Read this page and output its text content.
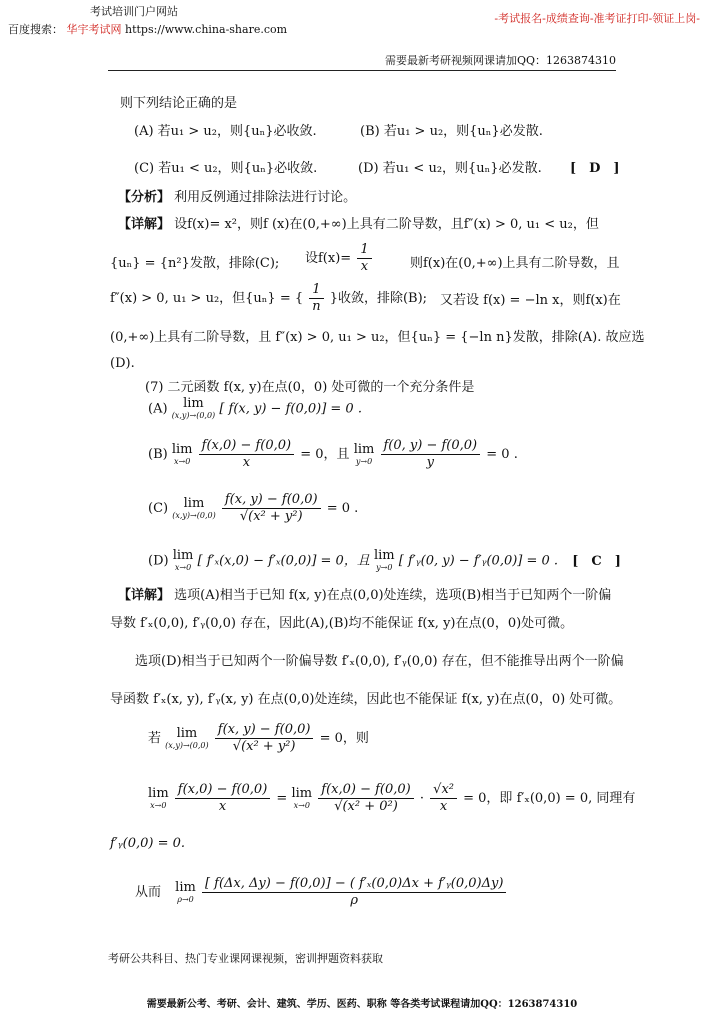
考试培训门户网站
百度搜索： 华宇考试网 https://www.china-share.com
-考试报名-成绩查询-准考证打印-领证上岗-
需要最新考研视频网课请加QQ：1263874310
则下列结论正确的是
(A) 若u₁ > u₂，则{uₙ}必收敛.	(B) 若u₁ > u₂，则{uₙ}必发散.
(C) 若u₁ < u₂，则{uₙ}必收敛.	(D) 若u₁ < u₂，则{uₙ}必发散. [　D　]
【分析】 利用反例通过排除法进行讨论。
【详解】 设f(x)= x²，则f (x)在(0,+∞)上具有二阶导数，且f″(x) > 0, u₁ < u₂，但
{uₙ} = {n²}发散，排除(C); 设$f(x)= \frac{1}{x}$	则f(x)在(0,+∞)上具有二阶导数，且
f″(x) > 0, u₁ > u₂，但{uₙ} = { $\frac{1}{n}$ }收敛，排除(B); 又若设 f(x) = −ln x，则f(x)在
(0,+∞)上具有二阶导数，且 f″(x) > 0, u₁ > u₂，但{uₙ} = {−ln n}发散，排除(A). 故应选
(D).
(7) 二元函数 f(x, y)在点(0，0) 处可微的一个充分条件是
(A) lim
(x,y)→(0,0) [ f(x, y) − f(0,0)] = 0 .
(B) lim
x→0
$\frac{f(x,0) - f(0,0)}{x} = 0$，且 lim
y→0
$\frac{f(0, y) - f(0,0)}{y} = 0$ .
(C) lim
(x,y)→(0,0)
$\frac{f(x, y) - f(0,0)}{\text{√(x² + y²)}} = 0$ .
(D) lim
x→0 [ f′ₓ(x,0) − f′ₓ(0,0)] = 0，且 lim
y→0 [ f′ᵧ(0, y) − f′ᵧ(0,0)] = 0 . [　C　]
【详解】 选项(A)相当于已知 f(x, y)在点(0,0)处连续，选项(B)相当于已知两个一阶偏
导数 f′ₓ(0,0), f′ᵧ(0,0) 存在，因此(A),(B)均不能保证 f(x, y)在点(0，0)处可微。
选项(D)相当于已知两个一阶偏导数 f′ₓ(0,0), f′ᵧ(0,0) 存在，但不能推导出两个一阶偏
导函数 f′ₓ(x, y), f′ᵧ(x, y) 在点(0,0)处连续，因此也不能保证 f(x, y)在点(0，0) 处可微。
若 lim
(x,y)→(0,0)
$\frac{f(x, y) - f(0,0)}{\text{√(x² + y²)}} = 0$，则
lim
x→0
$\frac{f(x,0) - f(0,0)}{x} = \lim$
x→0
$\frac{f(x,0) - f(0,0)}{\text{√(x² + 0²)}} \cdot \frac{\text{√x²}}{x} = 0$，即 f′ₓ(0,0) = 0, 同理有
f′ᵧ(0,0) = 0.
从而 lim
ρ→0
$\frac{\text{[ f(Δx, Δy) − f(0,0)] − ( f′ₓ(0,0)Δx + f′ᵧ(0,0)Δy)}}{\rho}$
考研公共科目、热门专业课网课视频，密训押题资料获取
需要最新公考、考研、会计、建筑、学历、医药、职称 等各类考试课程请加QQ：1263874310
